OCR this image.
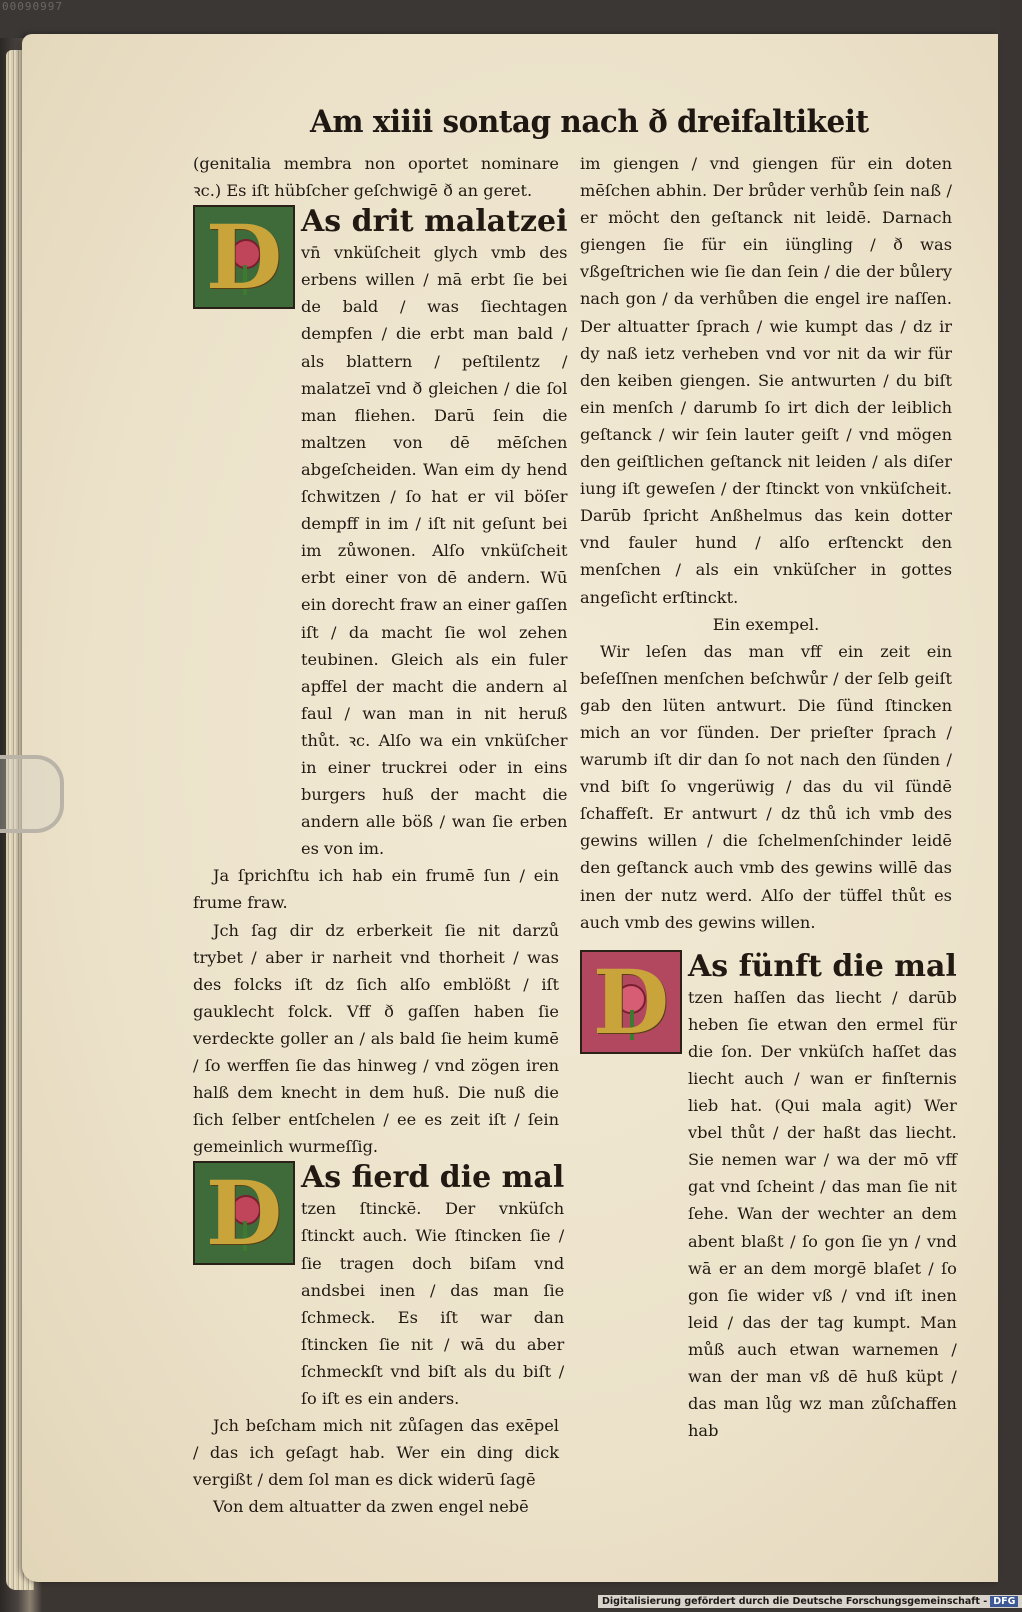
00090997
Am xiiii sontag nach ð dreifaltikeit

(genitalia membra non oportet nominare ꝛc.) Es iſt hübſcher geſchwigē ð an geret.

D As drit malatzei

vn̄ vnküſcheit glych vmb des erbens willen / mā erbt ſie bei de bald / was ſiechtagen dempfen / die erbt man bald / als blattern / peſtilentz / malatzeī vnd ð gleichen / die ſol man fliehen. Darū ſein die maltzen von dē mēſchen abgeſcheiden. Wan eim dy hend ſchwitzen / ſo hat er vil böſer dempff in im / iſt nit geſunt bei im zůwonen. Alſo vnküſcheit erbt einer von dē andern. Wū ein dorecht fraw an einer gaſſen iſt / da macht ſie wol zehen teubinen. Gleich als ein fuler apffel der macht die andern al faul / wan man in nit heruß thůt. ꝛc. Alſo wa ein vnküſcher in einer truckrei oder in eins burgers huß der macht die andern alle böß / wan ſie erben es von im.

Ja ſprichſtu ich hab ein frumē ſun / ein frume fraw.

Jch ſag dir dz erberkeit ſie nit darzů trybet / aber ir narheit vnd thorheit / was des folcks iſt dz ſich alſo emblößt / iſt gauklecht folck. Vff ð gaſſen haben ſie verdeckte goller an / als bald ſie heim kumē / ſo werffen ſie das hinweg / vnd zögen iren halß dem knecht in dem huß. Die nuß die ſich ſelber entſchelen / ee es zeit iſt / ſein gemeinlich wurmeſſig.

D As fierd die mal

tzen ſtinckē. Der vnküſch ſtinckt auch. Wie ſtincken ſie / ſie tragen doch biſam vnd andsbei inen / das man ſie ſchmeck. Es iſt war dan ſtincken ſie nit / wā du aber ſchmeckſt vnd biſt als du biſt / ſo iſt es ein anders.

Jch beſcham mich nit zůſagen das exēpel / das ich geſagt hab. Wer ein ding dick vergißt / dem ſol man es dick widerū ſagē

Von dem altuatter da zwen engel nebē

im giengen / vnd giengen für ein doten mēſchen abhin. Der brůder verhůb ſein naß / er möcht den geſtanck nit leidē. Darnach giengen ſie für ein iüngling / ð was vßgeſtrichen wie ſie dan ſein / die der bůlery nach gon / da verhůben die engel ire naſſen. Der altuatter ſprach / wie kumpt das / dz ir dy naß ietz verheben vnd vor nit da wir für den keiben giengen. Sie antwurten / du biſt ein menſch / darumb ſo irt dich der leiblich geſtanck / wir ſein lauter geiſt / vnd mögen den geiſtlichen geſtanck nit leiden / als diſer iung iſt geweſen / der ſtinckt von vnküſcheit. Darūb ſpricht Anßhelmus das kein dotter vnd fauler hund / alſo erſtenckt den menſchen / als ein vnküſcher in gottes angeſicht erſtinckt.

Ein exempel.

Wir leſen das man vff ein zeit ein beſeſſnen menſchen beſchwůr / der ſelb geiſt gab den lüten antwurt. Die ſünd ſtincken mich an vor ſünden. Der prieſter ſprach / warumb iſt dir dan ſo not nach den ſünden / vnd biſt ſo vngerüwig / das du vil ſündē ſchaffeſt. Er antwurt / dz thů ich vmb des gewins willen / die ſchelmenſchinder leidē den geſtanck auch vmb des gewins willē das inen der nutz werd. Alſo der tüffel thůt es auch vmb des gewins willen.

D As fünft die mal

tzen haſſen das liecht / darūb heben ſie etwan den ermel für die ſon. Der vnküſch haſſet das liecht auch / wan er finſternis lieb hat. (Qui mala agit) Wer vbel thůt / der haßt das liecht. Sie nemen war / wa der mō vff gat vnd ſcheint / das man ſie nit ſehe. Wan der wechter an dem abent blaßt / ſo gon ſie yn / vnd wā er an dem morgē blaſet / ſo gon ſie wider vß / vnd iſt inen leid / das der tag kumpt. Man můß auch etwan warnemen / wan der man vß dē huß küpt / das man lůg wz man zůſchaffen hab

Digitalisierung gefördert durch die Deutsche Forschungsgemeinschaft - DFG
